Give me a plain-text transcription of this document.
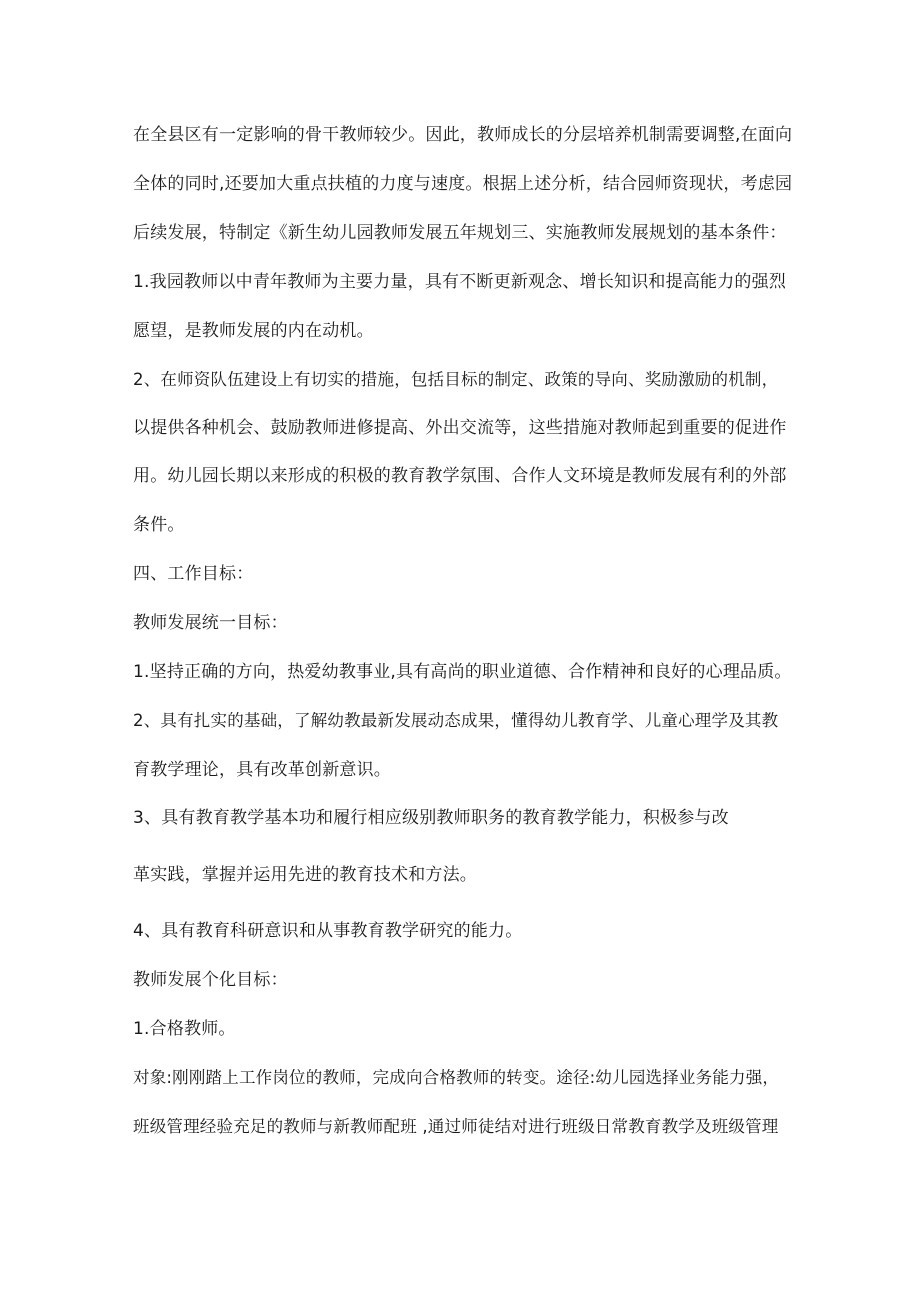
在全县区有一定影响的骨干教师较少。因此，教师成长的分层培养机制需要调整,在面向
全体的同时,还要加大重点扶植的力度与速度。根据上述分析，结合园师资现状，考虑园
后续发展，特制定《新生幼儿园教师发展五年规划三、实施教师发展规划的基本条件：
1.我园教师以中青年教师为主要力量，具有不断更新观念、增长知识和提高能力的强烈
愿望，是教师发展的内在动机。
2、在师资队伍建设上有切实的措施，包括目标的制定、政策的导向、奖励激励的机制，
以提供各种机会、鼓励教师进修提高、外出交流等，这些措施对教师起到重要的促进作
用。幼儿园长期以来形成的积极的教育教学氛围、合作人文环境是教师发展有利的外部
条件。
四、工作目标：
教师发展统一目标：
1.坚持正确的方向，热爱幼教事业,具有高尚的职业道德、合作精神和良好的心理品质。
2、具有扎实的基础，了解幼教最新发展动态成果，懂得幼儿教育学、儿童心理学及其教
育教学理论，具有改革创新意识。
3、具有教育教学基本功和履行相应级别教师职务的教育教学能力，积极参与改
革实践，掌握并运用先进的教育技术和方法。
4、具有教育科研意识和从事教育教学研究的能力。
教师发展个化目标：
1.合格教师。
对象:刚刚踏上工作岗位的教师，完成向合格教师的转变。途径:幼儿园选择业务能力强，
班级管理经验充足的教师与新教师配班 ,通过师徒结对进行班级日常教育教学及班级管理
